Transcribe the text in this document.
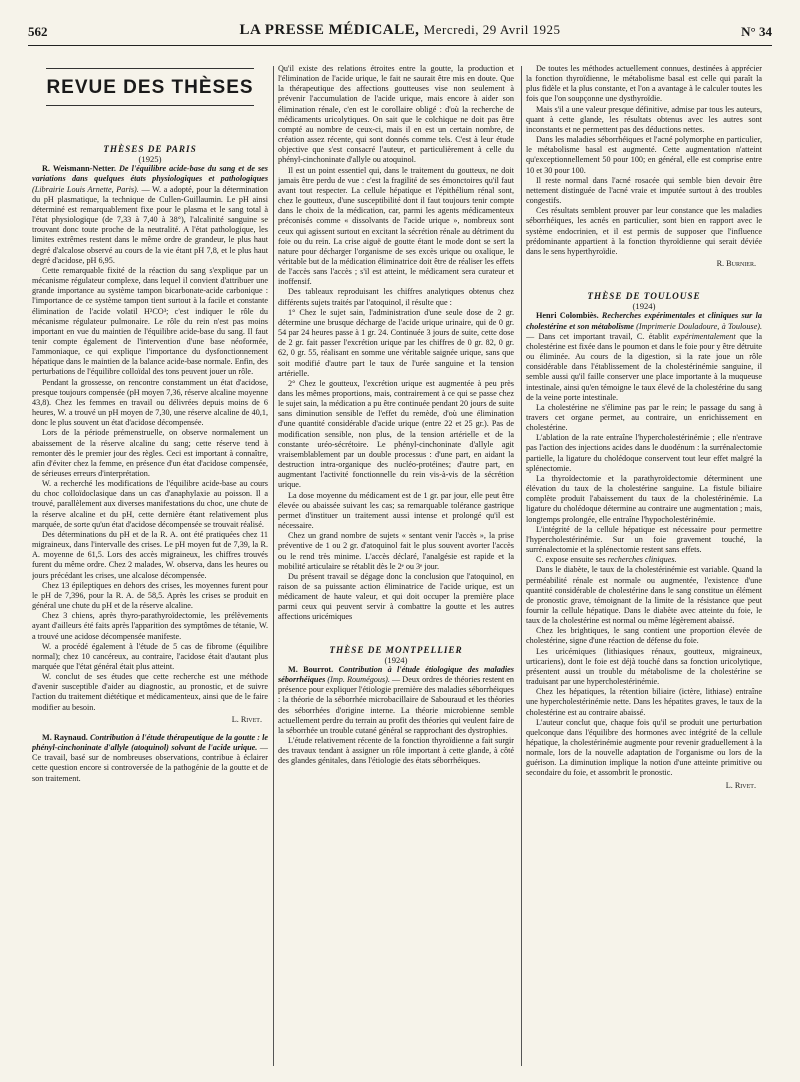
562	LA PRESSE MÉDICALE, Mercredi, 29 Avril 1925	N° 34
REVUE DES THÈSES

THÈSES DE PARIS

(1925)

R. Weismann-Netter. De l'équilibre acide-base du sang et de ses variations dans quelques états physiologiques et pathologiques (Librairie Louis Arnette, Paris). — W. a adopté, pour la détermination du pH plasmatique, la technique de Cullen-Guillaumin. Le pH ainsi déterminé est remarquablement fixe pour le plasma et le sang total à l'état physiologique (de 7,33 à 7,40 à 38°), l'alcalinité sanguine se trouvant donc toute proche de la neutralité. A l'état pathologique, les limites extrêmes restent dans le même ordre de grandeur, le plus haut degré d'alcalose observé au cours de la vie étant pH 7,8, et le plus haut degré d'acidose, pH 6,95.

Cette remarquable fixité de la réaction du sang s'explique par un mécanisme régulateur complexe, dans lequel il convient d'attribuer une grande importance au système tampon bicarbonate-acide carbonique : l'importance de ce système tampon tient surtout à la facile et constante élimination de l'acide volatil H²CO³; c'est indiquer le rôle du mécanisme régulateur pulmonaire. Le rôle du rein n'est pas moins important en vue du maintien de l'équilibre acide-base du sang. Il faut tenir compte également de l'intervention d'une base néoformée, l'ammoniaque, ce qui explique l'importance du dysfonctionnement hépatique dans le maintien de la balance acide-base normale. Enfin, des perturbations de l'équilibre colloïdal des tons peuvent jouer un rôle.

Pendant la grossesse, on rencontre constamment un état d'acidose, presque toujours compensée (pH moyen 7,36, réserve alcaline moyenne 43,8). Chez les femmes en travail ou délivrées depuis moins de 6 heures, W. a trouvé un pH moyen de 7,30, une réserve alcaline de 40,1, donc le plus souvent un état d'acidose décompensée.

Lors de la période prémenstruelle, on observe normalement un abaissement de la réserve alcaline du sang; cette réserve tend à remonter dès le premier jour des règles. Ceci est important à connaître, afin d'éviter chez la femme, en présence d'un état d'acidose compensée, de sérieuses erreurs d'interprétation.

W. a recherché les modifications de l'équilibre acide-base au cours du choc colloïdoclasique dans un cas d'anaphylaxie au poisson. Il a trouvé, parallèlement aux diverses manifestations du choc, une chute de la réserve alcaline et du pH, cette dernière étant relativement plus marquée, de sorte qu'un état d'acidose décompensée se trouvait réalisé.

Des déterminations du pH et de la R. A. ont été pratiquées chez 11 migraineux, dans l'intervalle des crises. Le pH moyen fut de 7,39, la R. A. moyenne de 61,5. Lors des accès migraineux, les chiffres trouvés furent du même ordre. Chez 2 malades, W. observa, dans les heures ou jours précédant les crises, une alcalose décompensée.

Chez 13 épileptiques en dehors des crises, les moyennes furent pour le pH de 7,396, pour la R. A. de 58,5. Après les crises se produit en général une chute du pH et de la réserve alcaline.

Chez 3 chiens, après thyro-parathyroïdectomie, les prélèvements ayant d'ailleurs été faits après l'apparition des symptômes de tétanie, W. a trouvé une acidose décompensée manifeste.

W. a procédé également à l'étude de 5 cas de fibrome (équilibre normal); chez 10 cancéreux, au contraire, l'acidose était d'autant plus marquée que l'état général était plus atteint.

W. conclut de ses études que cette recherche est une méthode d'avenir susceptible d'aider au diagnostic, au pronostic, et de suivre l'action du traitement diététique et médicamenteux, ainsi que de le faire modifier au besoin.

L. Rivet.

M. Raynaud. Contribution à l'étude thérapeutique de la goutte : le phényl-cinchoninate d'allyle (atoquinol) solvant de l'acide urique. — Ce travail, basé sur de nombreuses observations, contribue à éclairer cette question encore si controversée de la pathogénie de la goutte et de son traitement.

Qu'il existe des relations étroites entre la goutte, la production et l'élimination de l'acide urique, le fait ne saurait être mis en doute. Que la thérapeutique des affections goutteuses vise non seulement à prévenir l'accumulation de l'acide urique, mais encore à aider son élimination rénale, c'en est le corollaire obligé : d'où la recherche de médicaments uricolytiques. On sait que le colchique ne doit pas être compté au nombre de ceux-ci, mais il en est un certain nombre, de création assez récente, qui sont donnés comme tels. C'est à leur étude objective que s'est consacré l'auteur, et particulièrement à celle du phényl-cinchoninate d'allyle ou atoquinol.

Il est un point essentiel qui, dans le traitement du goutteux, ne doit jamais être perdu de vue : c'est la fragilité de ses émonctoires qu'il faut avant tout respecter. La cellule hépatique et l'épithélium rénal sont, chez le goutteux, d'une susceptibilité dont il faut toujours tenir compte dans le choix de la médication, car, parmi les agents médicamenteux préconisés comme « dissolvants de l'acide urique », nombreux sont ceux qui agissent surtout en excitant la sécrétion rénale au détriment du foie ou du rein. La crise aiguë de goutte étant le mode dont se sert la nature pour décharger l'organisme de ses excès urique ou oxalique, le véritable but de la médication éliminatrice doit être de réaliser les effets de l'accès sans l'accès ; s'il est atteint, le médicament sera curateur et inoffensif.

Des tableaux reproduisant les chiffres analytiques obtenus chez différents sujets traités par l'atoquinol, il résulte que :

1° Chez le sujet sain, l'administration d'une seule dose de 2 gr. détermine une brusque décharge de l'acide urique urinaire, qui de 0 gr. 54 par 24 heures passe à 1 gr. 24. Continuée 3 jours de suite, cette dose de 2 gr. fait passer l'excrétion urique par les chiffres de 0 gr. 82, 0 gr. 62, 0 gr. 55, réalisant en somme une véritable saignée urique, sans que soit modifié d'autre part le taux de l'urée sanguine et la tension artérielle.

2° Chez le goutteux, l'excrétion urique est augmentée à peu près dans les mêmes proportions, mais, contrairement à ce qui se passe chez le sujet sain, la médication a pu être continuée pendant 20 jours de suite sans diminution sensible de l'effet du remède, d'où une élimination d'une quantité considérable d'acide urique (entre 22 et 25 gr.). Pas de modification sensible, non plus, de la tension artérielle et de la constante uréo-sécrétoire. Le phényl-cinchoninate d'allyle agit vraisemblablement par un double processus : d'une part, en aidant la destruction intra-organique des nucléo-protéines; d'autre part, en augmentant l'activité fonctionnelle du rein vis-à-vis de la sécrétion urique.

La dose moyenne du médicament est de 1 gr. par jour, elle peut être élevée ou abaissée suivant les cas; sa remarquable tolérance gastrique permet d'instituer un traitement aussi intense et prolongé qu'il est nécessaire.

Chez un grand nombre de sujets « sentant venir l'accès », la prise préventive de 1 ou 2 gr. d'atoquinol fait le plus souvent avorter l'accès ou le rend très minime. L'accès déclaré, l'analgésie est rapide et la mobilité articulaire se rétablit dès le 2ᵉ ou 3ᵉ jour.

Du présent travail se dégage donc la conclusion que l'atoquinol, en raison de sa puissante action éliminatrice de l'acide urique, est un médicament de haute valeur, et qui doit occuper la première place parmi ceux qui peuvent servir à combattre la goutte et les autres affections uricémiques

THÈSE DE MONTPELLIER

(1924)

M. Bourrot. Contribution à l'étude étiologique des maladies séborrhéiques (Imp. Roumégous). — Deux ordres de théories restent en présence pour expliquer l'étiologie première des maladies séborrhéiques : la théorie de la séborrhée microbacillaire de Sabouraud et les théories des séborrhées d'origine interne. La théorie microbienne semble actuellement perdre du terrain au profit des théories qui veulent faire de la séborrhée un trouble cutané général se rapprochant des dystrophies.

L'étude relativement récente de la fonction thyroïdienne a fait surgir des travaux tendant à assigner un rôle important à cette glande, à côté des glandes génitales, dans l'étiologie des états séborrhéiques.

De toutes les méthodes actuellement connues, destinées à apprécier la fonction thyroïdienne, le métabolisme basal est celle qui paraît la plus fidèle et la plus constante, et l'on a avantage à le calculer toutes les fois que l'on soupçonne une dysthyroïdie.

Mais s'il a une valeur presque définitive, admise par tous les auteurs, quant à cette glande, les résultats obtenus avec les autres sont inconstants et ne permettent pas des déductions nettes.

Dans les maladies séborrhéiques et l'acné polymorphe en particulier, le métabolisme basal est augmenté. Cette augmentation n'atteint qu'exceptionnellement 50 pour 100; en général, elle est comprise entre 10 et 30 pour 100.

Il reste normal dans l'acné rosacée qui semble bien devoir être nettement distinguée de l'acné vraie et imputée surtout à des troubles congestifs.

Ces résultats semblent prouver par leur constance que les maladies séborrhéiques, les acnés en particulier, sont bien en rapport avec le système endocrinien, et il est permis de supposer que l'influence prédominante appartient à la fonction thyroïdienne qui serait déviée dans le sens hyperthyroïdie.

R. Burnier.

THÈSE DE TOULOUSE

(1924)

Henri Colombiès. Recherches expérimentales et cliniques sur la cholestérine et son métabolisme (Imprimerie Douladoure, à Toulouse). — Dans cet important travail, C. établit expérimentalement que la cholestérine est fixée dans le poumon et dans le foie pour y être détruite ou éliminée. Au cours de la digestion, si la rate joue un rôle considérable dans l'établissement de la cholestérinémie sanguine, il semble aussi qu'il faille conserver une place importante à la muqueuse intestinale, ainsi qu'en témoigne le taux élevé de la cholestérine du sang de la veine porte intestinale.

La cholestérine ne s'élimine pas par le rein; le passage du sang à travers cet organe permet, au contraire, un enrichissement en cholestérine.

L'ablation de la rate entraîne l'hypercholestérinémie ; elle n'entrave pas l'action des injections acides dans le duodénum : la surrénalectomie partielle, la ligature du cholédoque conservent tout leur effet malgré la splénectomie.

La thyroïdectomie et la parathyroïdectomie déterminent une élévation du taux de la cholestérine sanguine. La fistule biliaire complète produit l'abaissement du taux de la cholestérinémie. La ligature du cholédoque détermine au contraire une augmentation ; mais, longtemps prolongée, elle entraîne l'hypocholestérinémie.

L'intégrité de la cellule hépatique est nécessaire pour permettre l'hypercholestérinémie. Sur un foie gravement touché, la surrénalectomie et la splénectomie restent sans effets.

C. expose ensuite ses recherches cliniques.

Dans le diabète, le taux de la cholestérinémie est variable. Quand la perméabilité rénale est normale ou augmentée, l'existence d'une quantité considérable de cholestérine dans le sang constitue un élément de pronostic grave, témoignant de la limite de la résistance que peut fournir la cellule hépatique. Dans le diabète avec atteinte du foie, le taux de la cholestérine est normal ou même légèrement abaissé.

Chez les brightiques, le sang contient une proportion élevée de cholestérine, signe d'une réaction de défense du foie.

Les uricémiques (lithiasiques rénaux, goutteux, migraineux, urticariens), dont le foie est déjà touché dans sa fonction uricolytique, présentent aussi un trouble du métabolisme de la cholestérine se traduisant par une hypercholestérinémie.

Chez les hépatiques, la rétention biliaire (ictère, lithiase) entraîne une hypercholestérinémie nette. Dans les hépatites graves, le taux de la cholestérine est au contraire abaissé.

L'auteur conclut que, chaque fois qu'il se produit une perturbation quelconque dans l'équilibre des hormones avec intégrité de la cellule hépatique, la cholestérinémie augmente pour revenir graduellement à la normale, lors de la nouvelle adaptation de l'organisme ou lors de la guérison. La diminution implique la notion d'une atteinte primitive ou secondaire du foie, et assombrit le pronostic.

L. Rivet.
